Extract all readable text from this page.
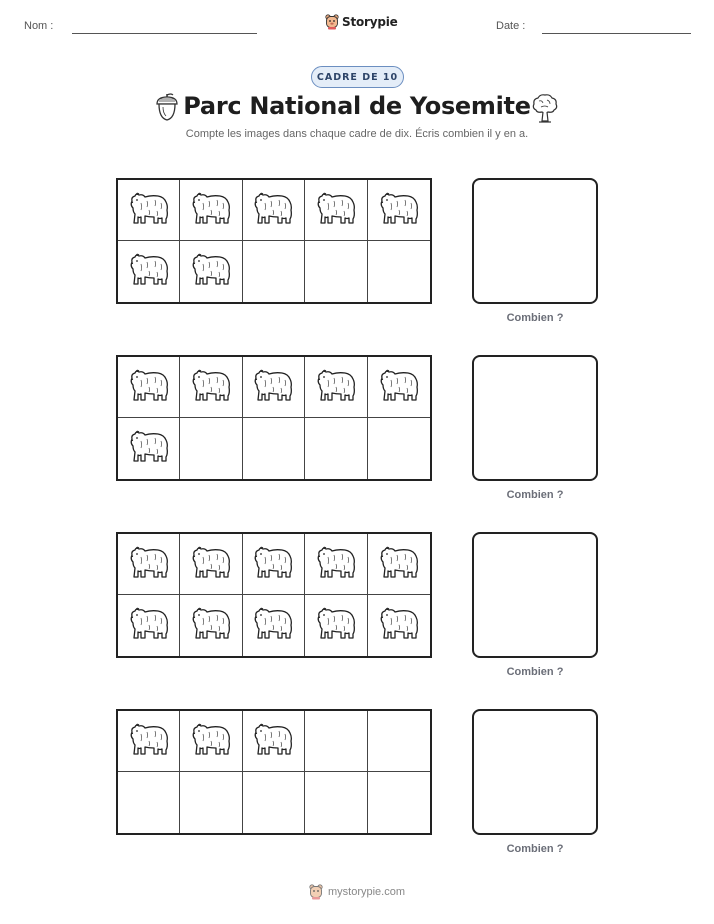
Nom :	Storypie	Date :
CADRE DE 10
Parc National de Yosemite
Compte les images dans chaque cadre de dix. Écris combien il y en a.
Combien ?
Combien ?
Combien ?
Combien ?
mystorypie.com
